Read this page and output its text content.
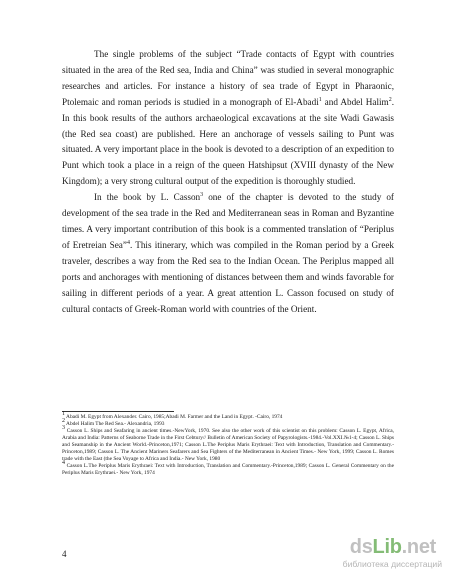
The single problems of the subject “Trade contacts of Egypt with countries situated in the area of the Red sea, India and China” was studied in several monographic researches and articles. For instance a history of sea trade of Egypt in Pharaonic, Ptolemaic and roman periods is studied in a monograph of El-Abadi$^1$ and Abdel Halim$^2$. In this book results of the authors archaeological excavations at the site Wadi Gawasis (the Red sea coast) are published. Here an anchorage of vessels sailing to Punt was situated. A very important place in the book is devoted to a description of an expedition to Punt which took a place in a reign of the queen Hatshipsut (XVIII dynasty of the New Kingdom); a very strong cultural output of the expedition is thoroughly studied.

In the book by L. Casson$^3$ one of the chapter is devoted to the study of development of the sea trade in the Red and Mediterranean seas in Roman and Byzantine times. A very important contribution of this book is a commented translation of “Periplus of Eretreian Sea”$^4$. This itinerary, which was compiled in the Roman period by a Greek traveler, describes a way from the Red sea to the Indian Ocean. The Periplus mapped all ports and anchorages with mentioning of distances between them and winds favorable for sailing in different periods of a year. A great attention L. Casson focused on study of cultural contacts of Greek-Roman world with countries of the Orient.

$^1$ Abadi M. Egypt from Alexander. Cairo, 1985;Abadi M. Farmer and the Land in Egypt. -Cairo, 1974

$^2$ Abdel Halim The Red Sea.- Alexandria, 1993

$^3$ Casson L. Ships and Seafaring in ancient times.-NewYork, 1970. See also the other work of this scientist on this problem: Casson L. Egypt, Africa, Arabia and India: Patterns of Seaborne Trade in the First Cebtury// Bulletin of American Society of Papyrologists.-1984.-Vol.XXI.№1-4; Casson L. Ships and Seamanship in the Ancient World.-Princeton,1971; Casson L.The Periplus Maris Erythraei: Text with Introduction, Translation and Commentary.-Princeton,1989; Casson L. The Ancient Mariners Seafarers and Sea Fighters of the Mediterranean in Ancient Times.- New York, 1999; Casson L. Romes trade with the East (the Sea Voyage to Africa and India.- New York, 1980

$^4$ Casson L.The Periplus Maris Erythraei: Text with Introduction, Translation and Commentary.-Princeton,1989; Casson L. General Commentary on the Periplus Maris Erythraei.- New York, 1974

4	dsLib.net
библиотека диссертаций
